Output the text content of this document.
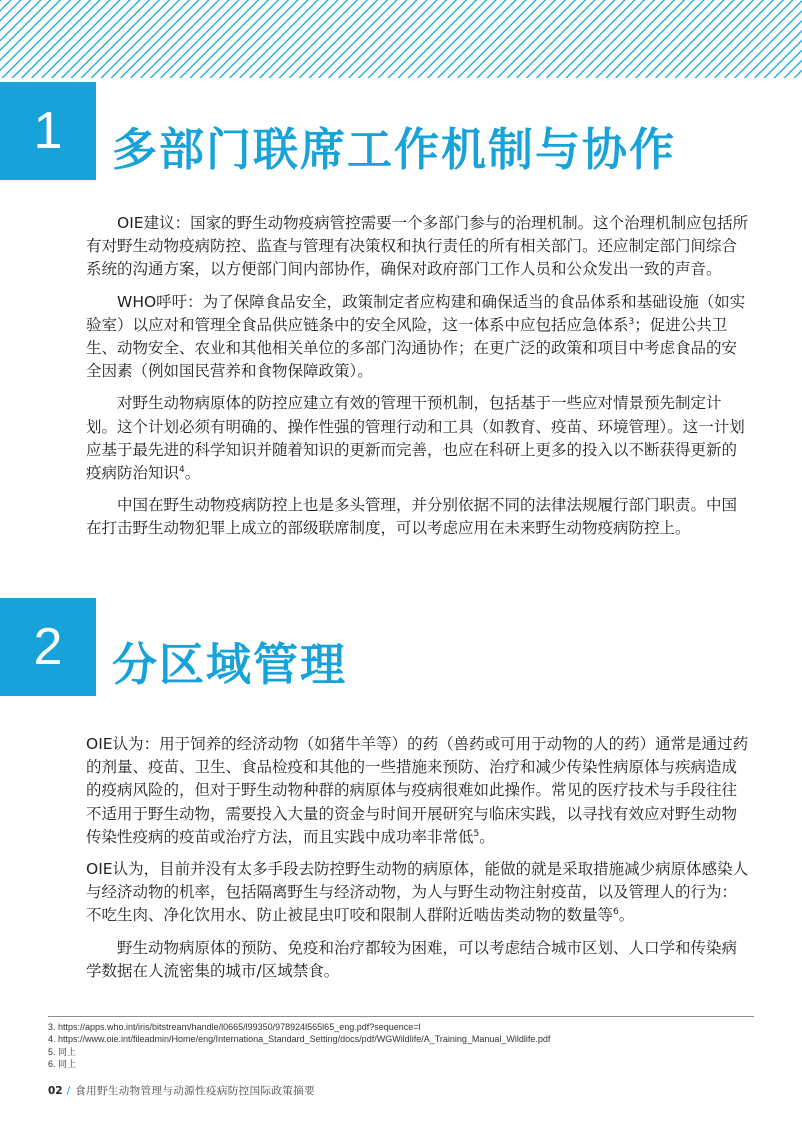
1	多部门联席工作机制与协作

OIE建议：国家的野生动物疫病管控需要一个多部门参与的治理机制。这个治理机制应包括所有对野生动物疫病防控、监查与管理有决策权和执行责任的所有相关部门。还应制定部门间综合系统的沟通方案，以方便部门间内部协作，确保对政府部门工作人员和公众发出一致的声音。

WHO呼吁：为了保障食品安全，政策制定者应构建和确保适当的食品体系和基础设施（如实验室）以应对和管理全食品供应链条中的安全风险，这一体系中应包括应急体系$^3$；促进公共卫生、动物安全、农业和其他相关单位的多部门沟通协作；在更广泛的政策和项目中考虑食品的安全因素（例如国民营养和食物保障政策）。

对野生动物病原体的防控应建立有效的管理干预机制，包括基于一些应对情景预先制定计划。这个计划必须有明确的、操作性强的管理行动和工具（如教育、疫苗、环境管理）。这一计划应基于最先进的科学知识并随着知识的更新而完善，也应在科研上更多的投入以不断获得更新的疫病防治知识$^4$。

中国在野生动物疫病防控上也是多头管理，并分别依据不同的法律法规履行部门职责。中国在打击野生动物犯罪上成立的部级联席制度，可以考虑应用在未来野生动物疫病防控上。

2	分区域管理

OIE认为：用于饲养的经济动物（如猪牛羊等）的药（兽药或可用于动物的人的药）通常是通过药的剂量、疫苗、卫生、食品检疫和其他的一些措施来预防、治疗和减少传染性病原体与疾病造成的疫病风险的，但对于野生动物种群的病原体与疫病很难如此操作。常见的医疗技术与手段往往不适用于野生动物，需要投入大量的资金与时间开展研究与临床实践，以寻找有效应对野生动物传染性疫病的疫苗或治疗方法，而且实践中成功率非常低$^5$。

OIE认为，目前并没有太多手段去防控野生动物的病原体，能做的就是采取措施减少病原体感染人与经济动物的机率，包括隔离野生与经济动物，为人与野生动物注射疫苗，以及管理人的行为：不吃生肉、净化饮用水、防止被昆虫叮咬和限制人群附近啮齿类动物的数量等$^6$。

野生动物病原体的预防、免疫和治疗都较为困难，可以考虑结合城市区划、人口学和传染病学数据在人流密集的城市/区域禁食。

3. https://apps.who.int/iris/bitstream/handle/l0665/l99350/978924l565l65_eng.pdf?sequence=l
4. https://www.oie.int/fileadmin/Home/eng/Internationa_Standard_Setting/docs/pdf/WGWildlife/A_Training_Manual_Wildlife.pdf
5. 同上
6. 同上
02 / 食用野生动物管理与动源性疫病防控国际政策摘要
